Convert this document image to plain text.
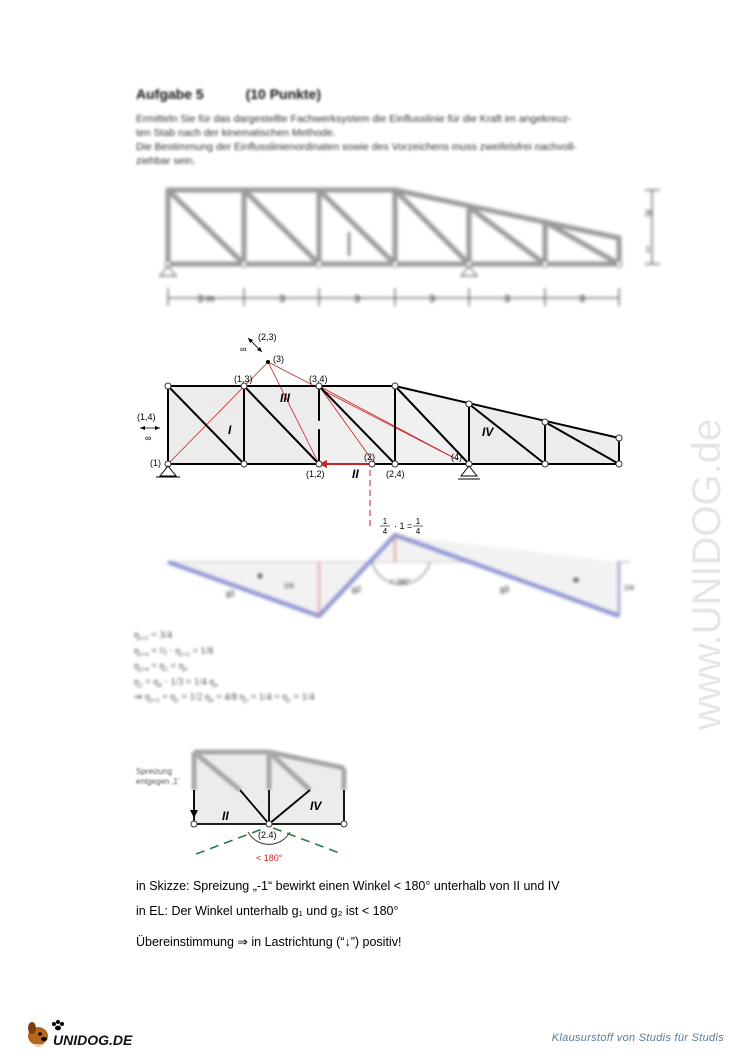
Aufgabe 5	(10 Punkte)
Ermitteln Sie für das dargestellte Fachwerksystem die Einflusslinie für die Kraft im angekreuz-
ten Stab nach der kinematischen Methode.
Die Bestimmung der Einflusslinienordinaten sowie des Vorzeichens muss zweifelsfrei nachvoll-
ziehbar sein.
3 m	3	3	3	3	3
2l
1
(2,3)
∞
(3)
(1,3)	(3,4)
(1,4)
∞
(1)
(1,2)
(2)
(2,4)
(4)
I
III
II
IV
1
4
· 1 = 1
4
g1	g2	g3
< 180°
1/4	1/4
η₁,₂ = 3/4
η₁,₄ = ½ · η₁,₂ = 1/8
η₂,₄ = η₂ = η₄
η₂ = η₄ · 1/3 = 1/4 η₄
⇒ η₁,₂ = η₂ = 1/2 η₄ = 4/8 η₂ = 1/4 = η₂ = 1/4
Spreizung
entgegen ‚1'
II
IV
(2.4)
< 180°
in Skizze: Spreizung „-1“ bewirkt einen Winkel < 180° unterhalb von II und IV
in EL: Der Winkel unterhalb g₁ und g₂ ist < 180°
Übereinstimmung ⇒ in Lastrichtung (“↓”) positiv!
www.UNIDOG.de
UNIDOG.DE	Klausurstoff von Studis für Studis
